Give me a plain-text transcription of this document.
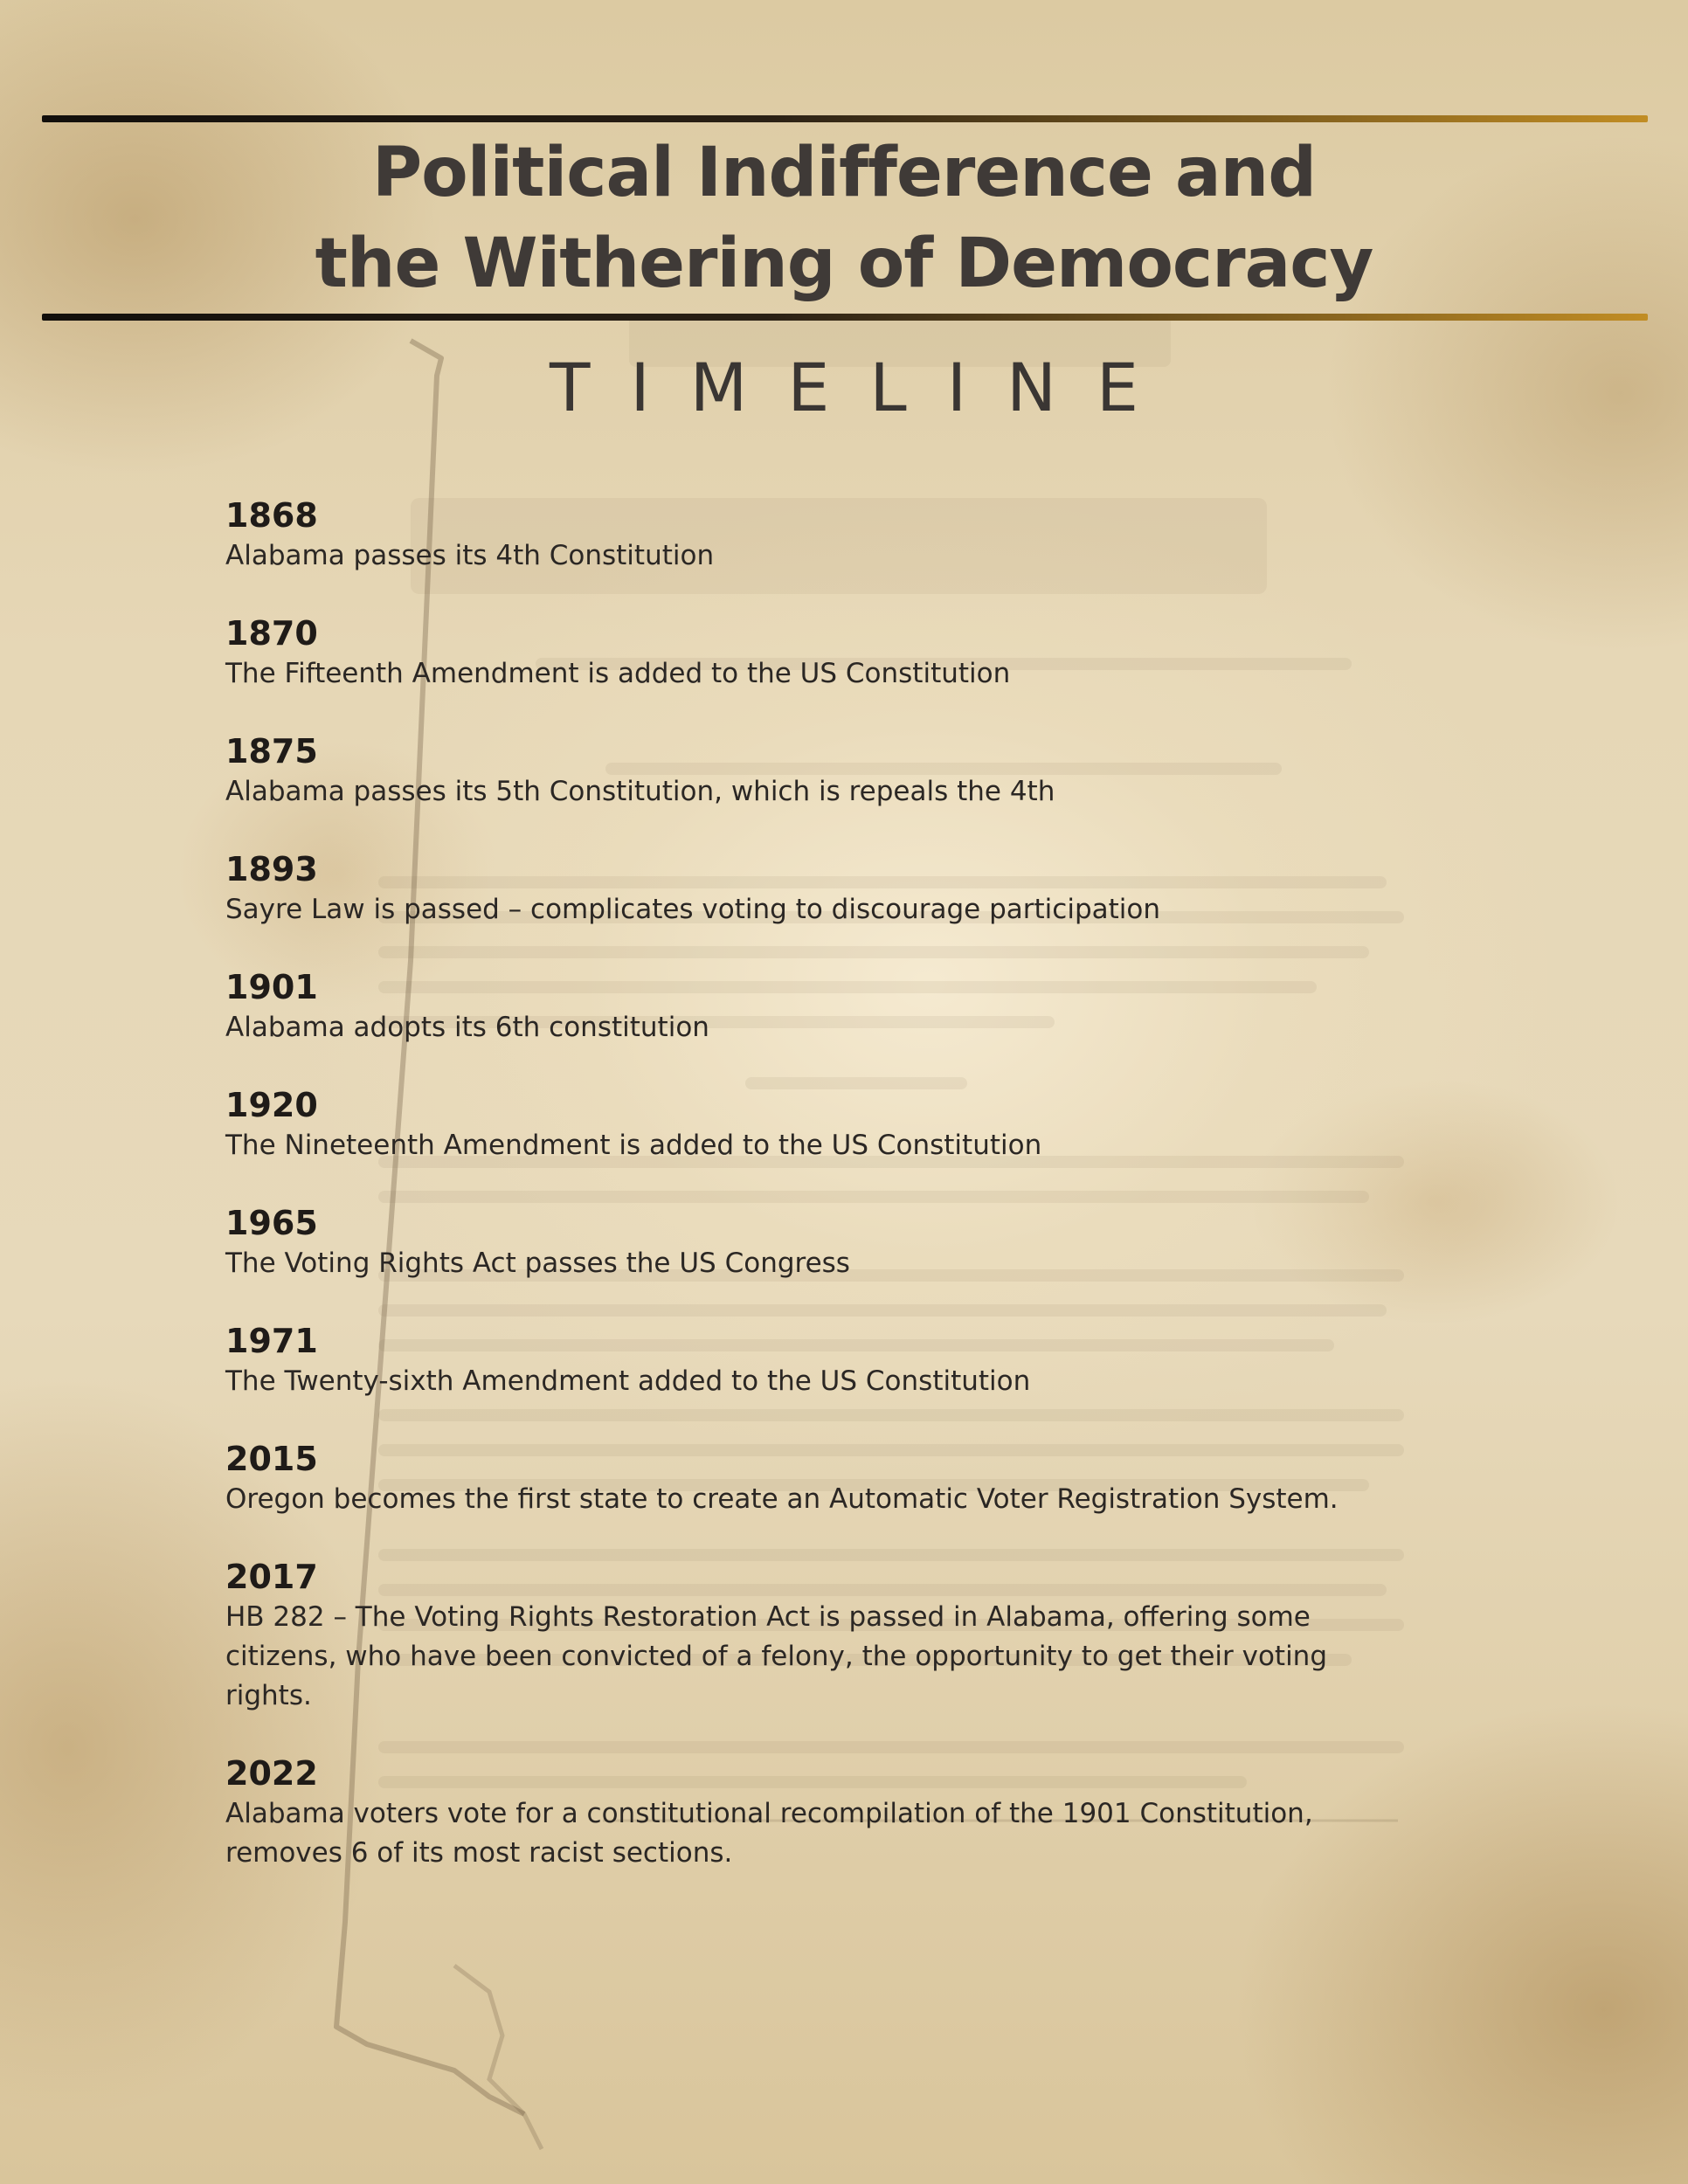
Political Indifference and
the Withering of Democracy
TIMELINE
1868
Alabama passes its 4th Constitution
1870
The Fifteenth Amendment is added to the US Constitution
1875
Alabama passes its 5th Constitution, which is repeals the 4th
1893
Sayre Law is passed – complicates voting to discourage participation
1901
Alabama adopts its 6th constitution
1920
The Nineteenth Amendment is added to the US Constitution
1965
The Voting Rights Act passes the US Congress
1971
The Twenty-sixth Amendment added to the US Constitution
2015
Oregon becomes the first state to create an Automatic Voter Registration System.
2017
HB 282 – The Voting Rights Restoration Act is passed in Alabama, offering some citizens, who have been convicted of a felony, the opportunity to get their voting rights.
2022
Alabama voters vote for a constitutional recompilation of the 1901 Constitution, removes 6 of its most racist sections.
